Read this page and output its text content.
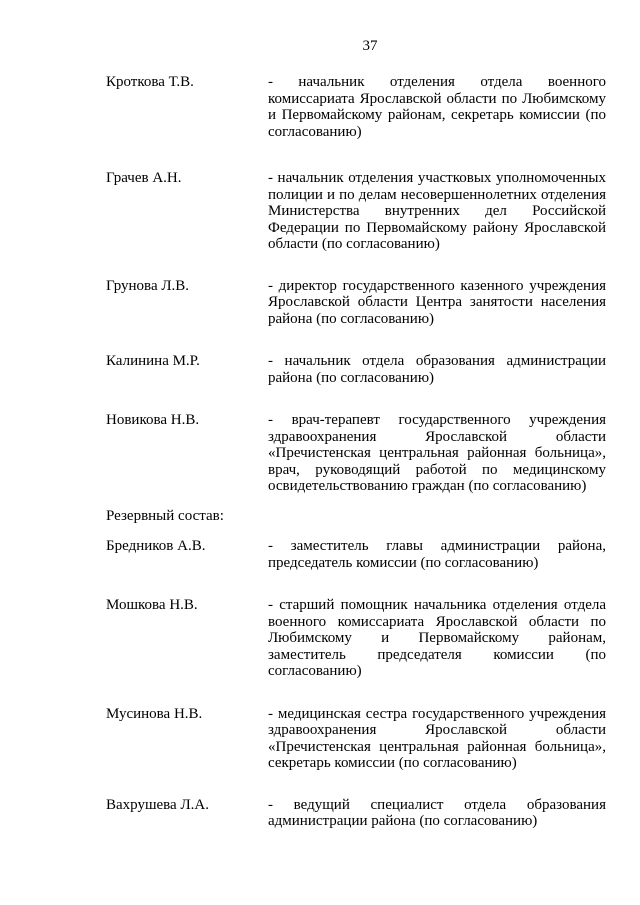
37
Кроткова Т.В.	- начальник отделения отдела военного комиссариата Ярославской области по Любимскому и Первомайскому районам, секретарь комиссии (по согласованию)
Грачев А.Н.	- начальник отделения участковых уполномоченных полиции и по делам несовершеннолетних отделения Министерства внутренних дел Российской Федерации по Первомайскому району Ярославской области (по согласованию)
Грунова Л.В.	- директор государственного казенного учреждения Ярославской области Центра занятости населения района (по согласованию)
Калинина М.Р.	- начальник отдела образования администрации района (по согласованию)
Новикова Н.В.	- врач-терапевт государственного учреждения здравоохранения Ярославской области «Пречистенская центральная районная больница», врач, руководящий работой по медицинскому освидетельствованию граждан (по согласованию)
Резервный состав:
Бредников А.В.	- заместитель главы администрации района, председатель комиссии (по согласованию)
Мошкова Н.В.	- старший помощник начальника отделения отдела военного комиссариата Ярославской области по Любимскому и Первомайскому районам, заместитель председателя комиссии (по согласованию)
Мусинова Н.В.	- медицинская сестра государственного учреждения здравоохранения Ярославской области «Пречистенская центральная районная больница», секретарь комиссии (по согласованию)
Вахрушева Л.А.	- ведущий специалист отдела образования администрации района (по согласованию)
